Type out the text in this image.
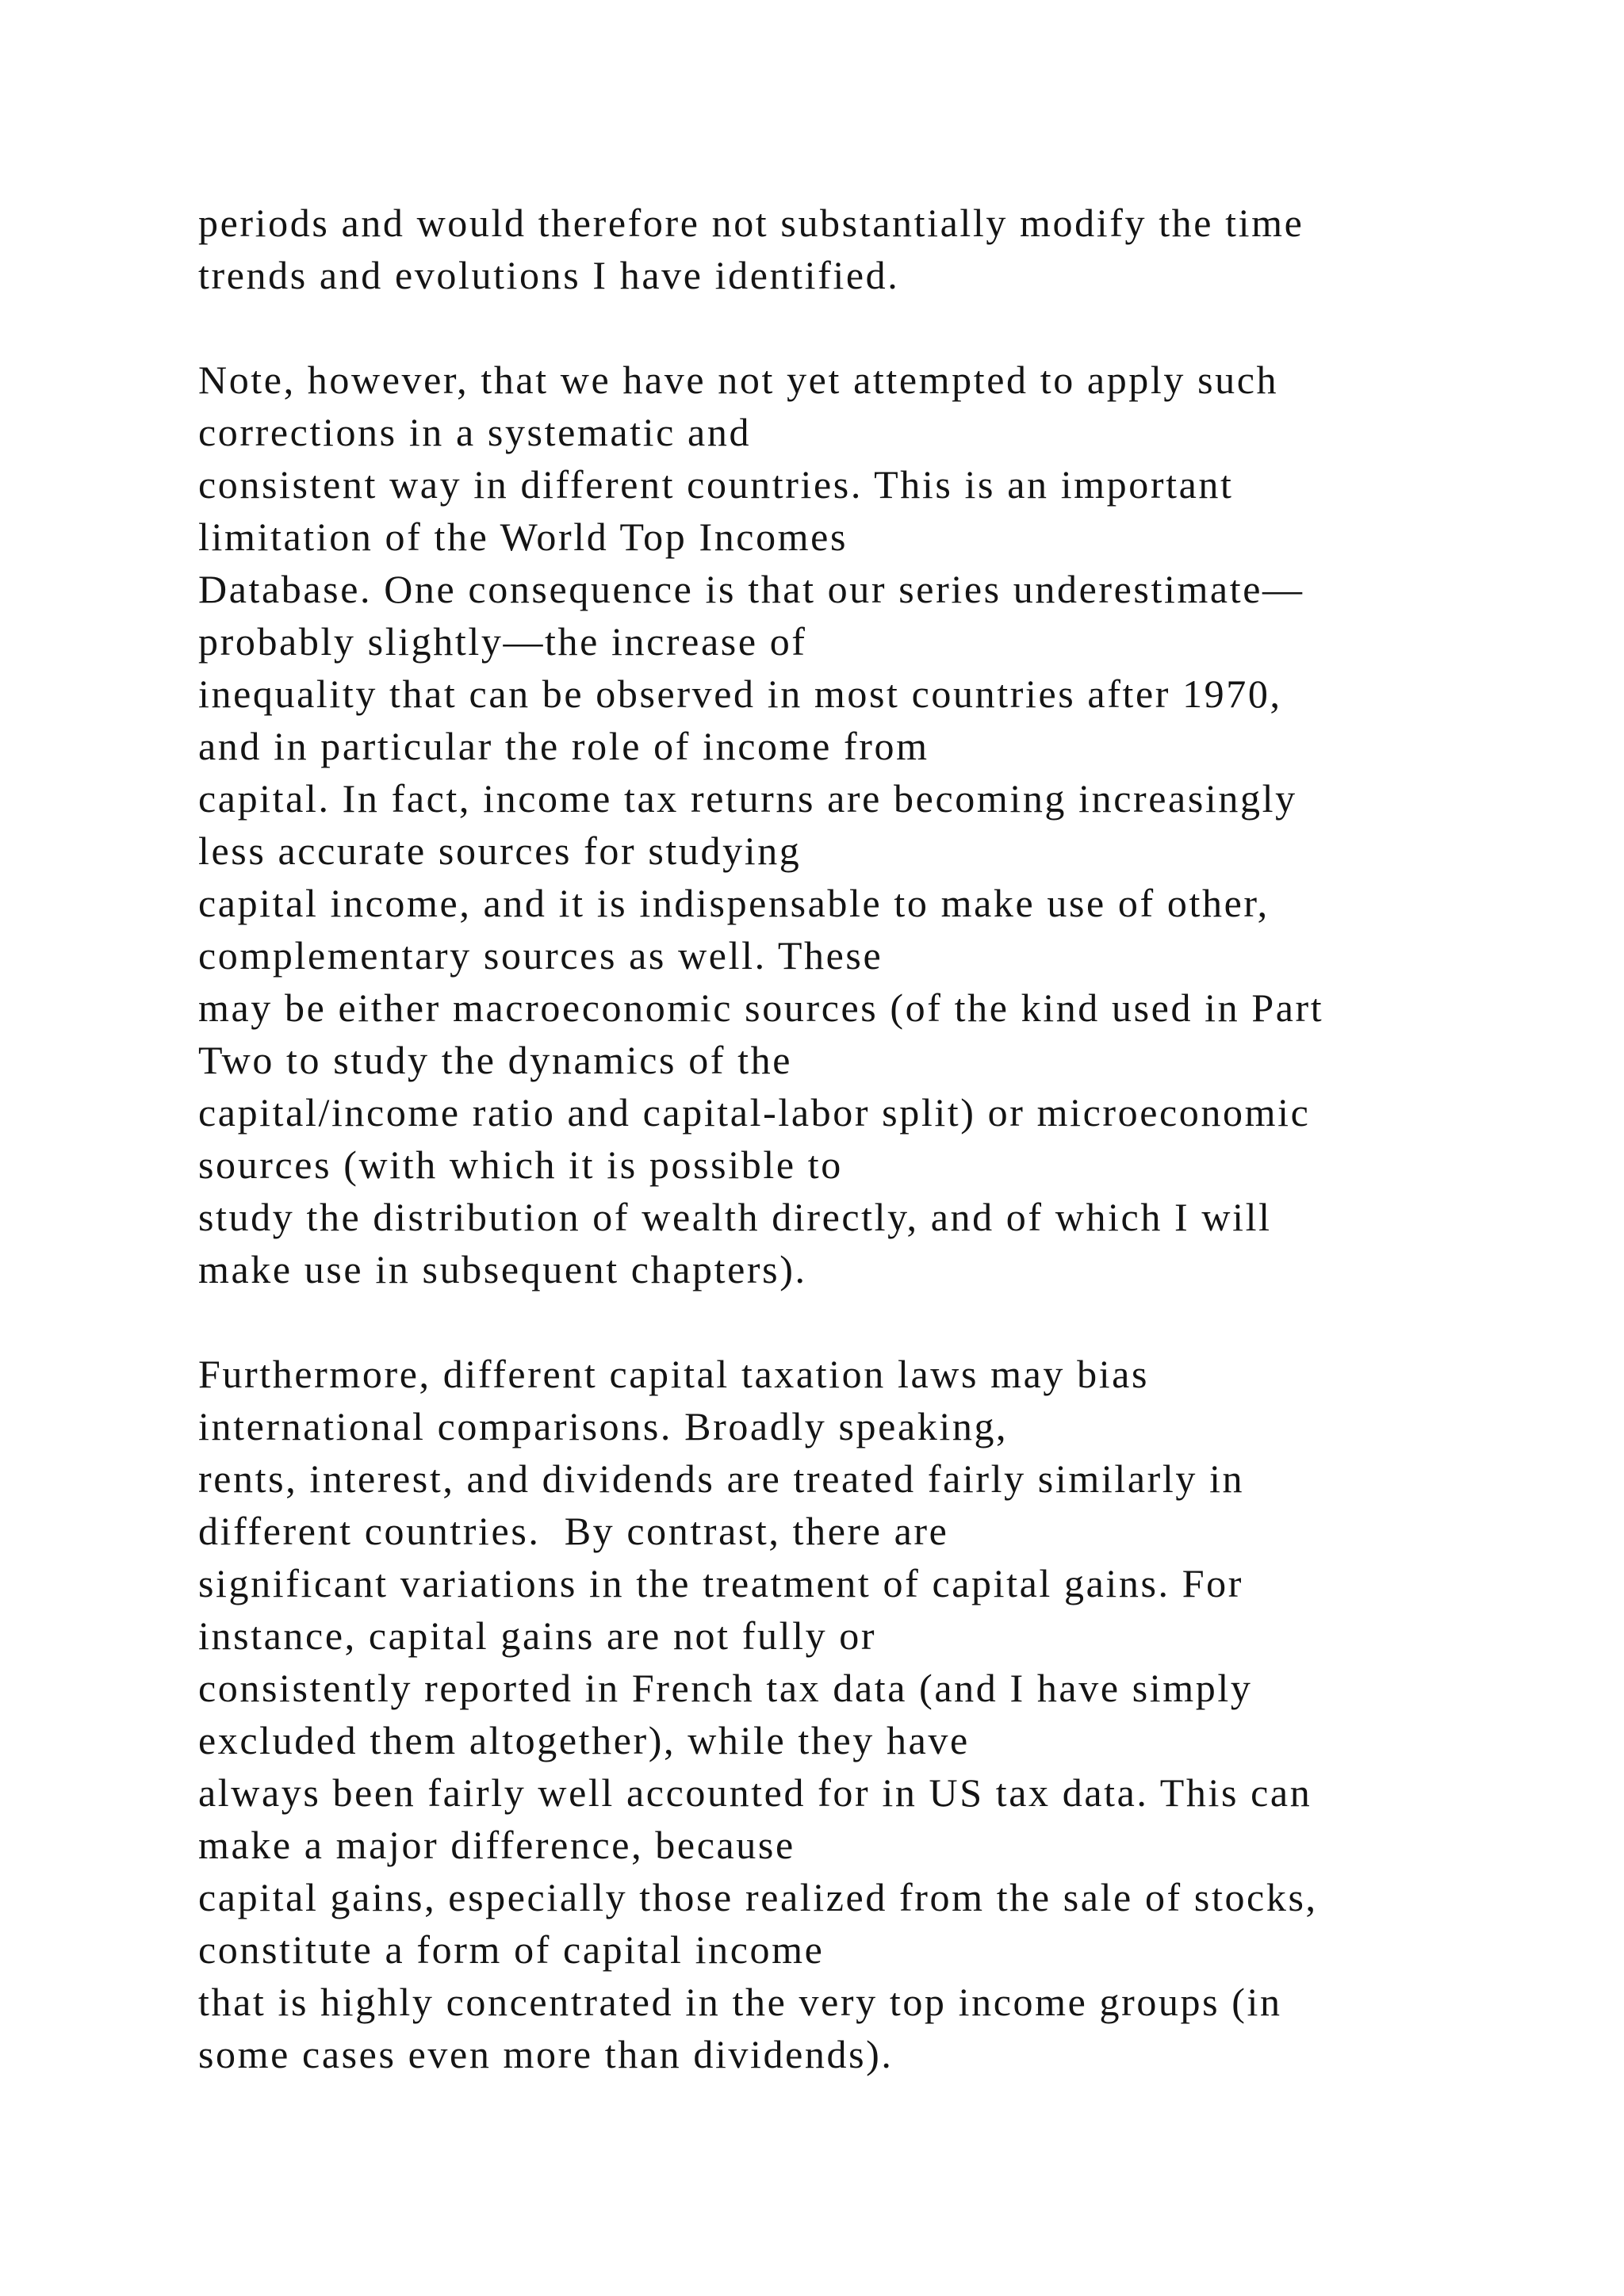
periods and would therefore not substantially modify the time
trends and evolutions I have identified.
Note, however, that we have not yet attempted to apply such
corrections in a systematic and
consistent way in different countries. This is an important
limitation of the World Top Incomes
Database. One consequence is that our series underestimate—
probably slightly—the increase of
inequality that can be observed in most countries after 1970,
and in particular the role of income from
capital. In fact, income tax returns are becoming increasingly
less accurate sources for studying
capital income, and it is indispensable to make use of other,
complementary sources as well. These
may be either macroeconomic sources (of the kind used in Part
Two to study the dynamics of the
capital/income ratio and capital-labor split) or microeconomic
sources (with which it is possible to
study the distribution of wealth directly, and of which I will
make use in subsequent chapters).
Furthermore, different capital taxation laws may bias
international comparisons. Broadly speaking,
rents, interest, and dividends are treated fairly similarly in
different countries.  By contrast, there are
significant variations in the treatment of capital gains. For
instance, capital gains are not fully or
consistently reported in French tax data (and I have simply
excluded them altogether), while they have
always been fairly well accounted for in US tax data. This can
make a major difference, because
capital gains, especially those realized from the sale of stocks,
constitute a form of capital income
that is highly concentrated in the very top income groups (in
some cases even more than dividends).
